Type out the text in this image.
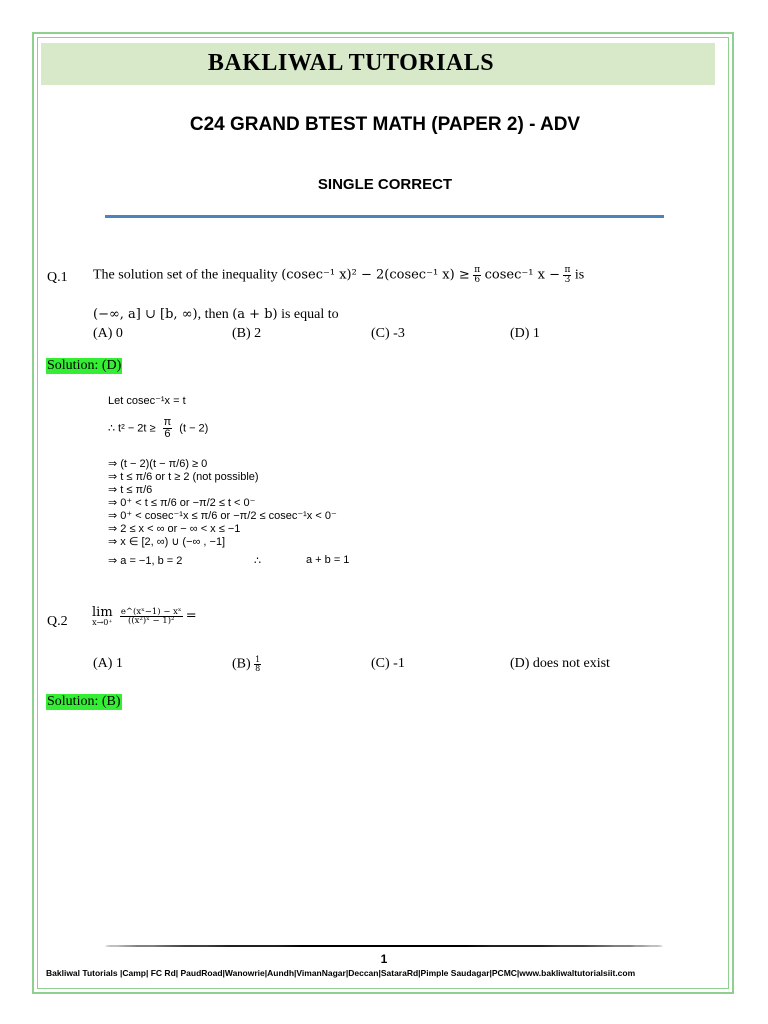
BAKLIWAL TUTORIALS
C24 GRAND BTEST MATH (PAPER 2) - ADV
SINGLE CORRECT
Q.1 The solution set of the inequality (cosec⁻¹ x)² − 2(cosec⁻¹ $x) \ge \frac{\pi}{6} cosec^{-1}$ $x - \frac{\pi}{3}$ is
(−∞, a] ∪ [b, ∞), then (a + b) is equal to
(A) 0	(B) 2	(C) -3	(D) 1
Solution: (D)
Let cosec⁻¹x = t
∴ $t^2 - 2t \ge \frac{\pi}{6} (t - 2)$
⇒ (t − 2)(t − π/6) ≥ 0
⇒ t ≤ π/6 or t ≥ 2 (not possible)
⇒ t ≤ π/6
⇒ 0⁺ < t ≤ π/6 or −π/2 ≤ t < 0⁻
⇒ 0⁺ < cosec⁻¹x ≤ π/6 or −π/2 ≤ cosec⁻¹x < 0⁻
⇒ 2 ≤ x < ∞ or − ∞ < x ≤ −1
⇒ x ∈ [2, ∞) ∪ (−∞ , −1]
⇒ a = −1, b = 2	∴	a + b = 1
Q.2
lim
x→0⁺
$\frac{\text{e\textasciicircum{}(xˣ−1) − xˣ}}{\text{((x²)ˣ − 1)²}}$ =
(A) 1	$(B) \frac{1}{8}$	(C) -1	(D) does not exist
Solution: (B)
1
Bakliwal Tutorials |Camp| FC Rd| PaudRoad|Wanowrie|Aundh|VimanNagar|Deccan|SataraRd|Pimple Saudagar|PCMC|www.bakliwaltutorialsiit.com
